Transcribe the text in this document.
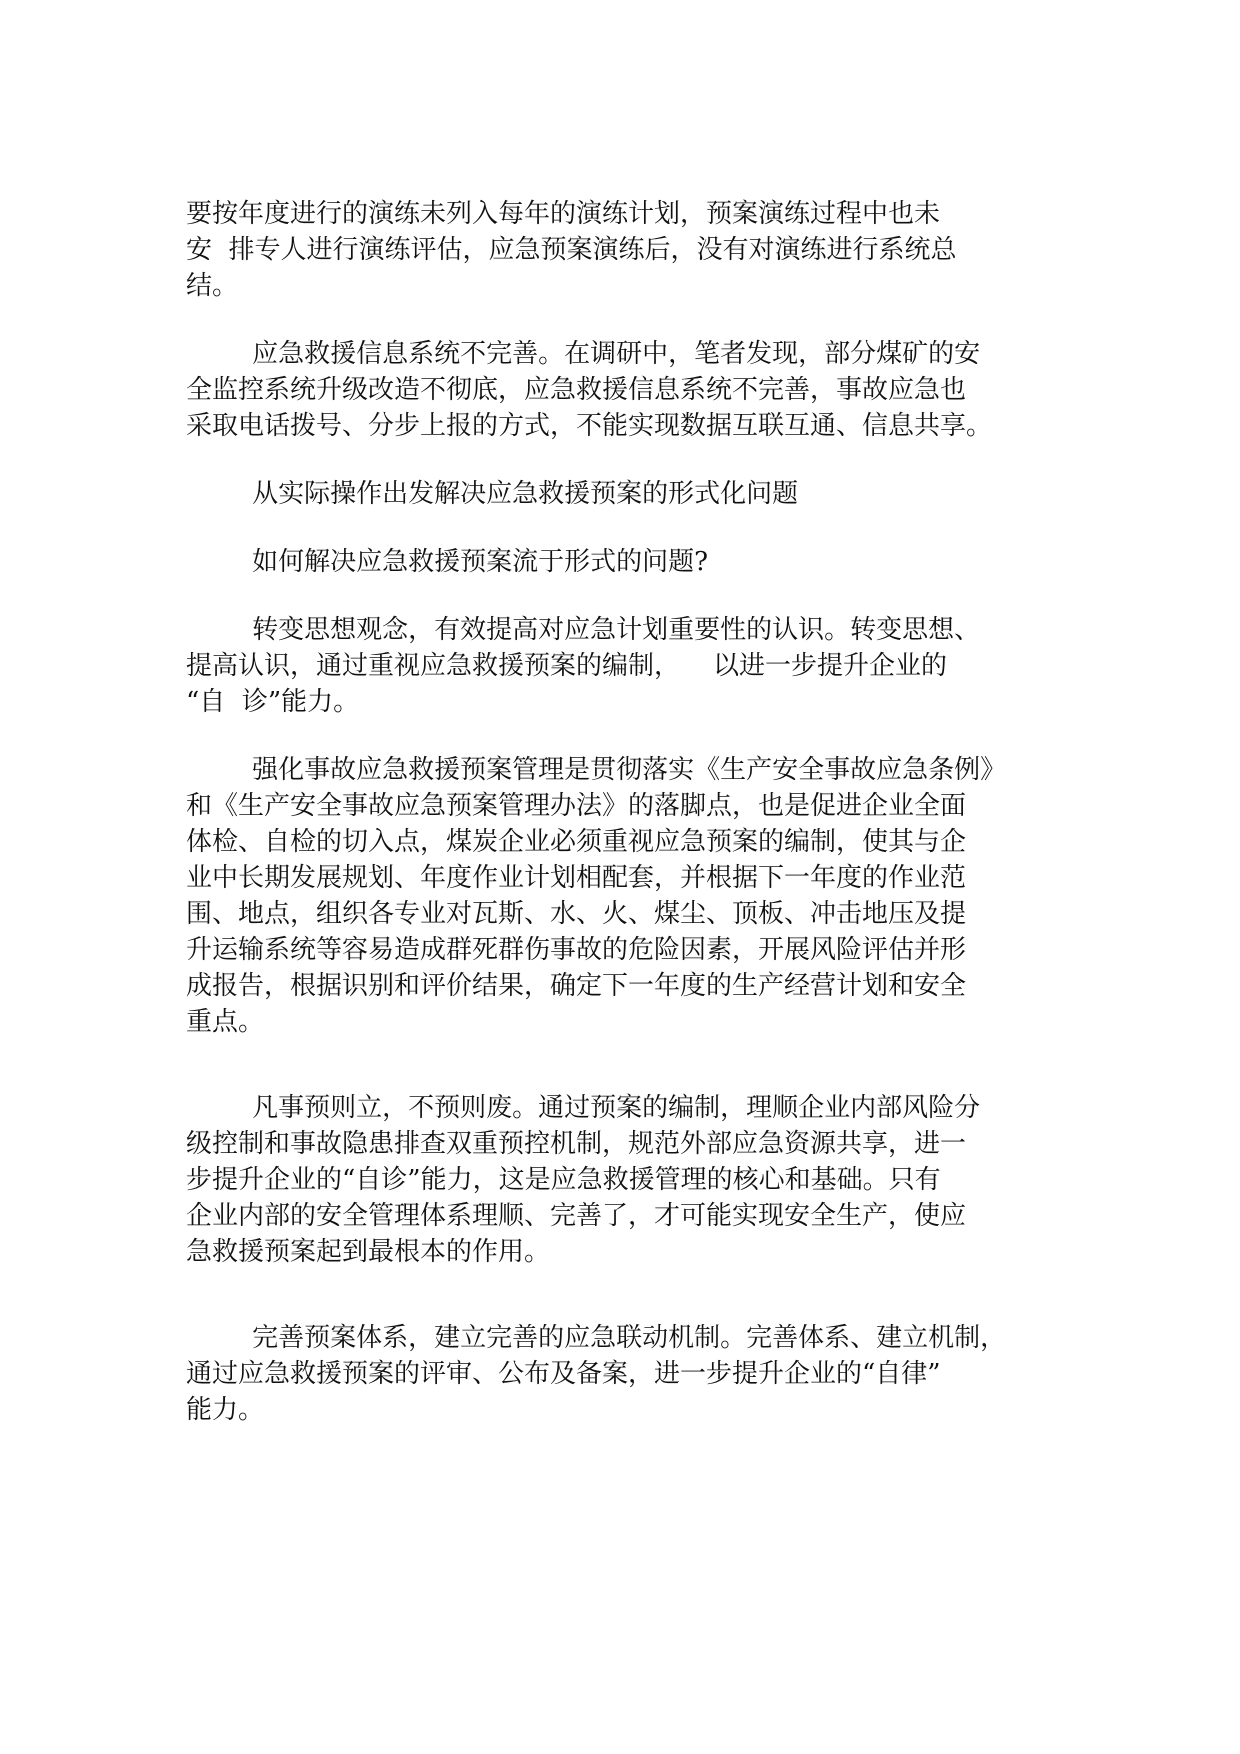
要按年度进行的演练未列入每年的演练计划，预案演练过程中也未
安  排专人进行演练评估，应急预案演练后，没有对演练进行系统总
结。
应急救援信息系统不完善。在调研中，笔者发现，部分煤矿的安
全监控系统升级改造不彻底，应急救援信息系统不完善，事故应急也
采取电话拨号、分步上报的方式，不能实现数据互联互通、信息共享。
从实际操作出发解决应急救援预案的形式化问题
如何解决应急救援预案流于形式的问题?
转变思想观念，有效提高对应急计划重要性的认识。转变思想、
提高认识，通过重视应急救援预案的编制，    以进一步提升企业的
“自  诊”能力。
强化事故应急救援预案管理是贯彻落实《生产安全事故应急条例》
和《生产安全事故应急预案管理办法》的落脚点，也是促进企业全面
体检、自检的切入点，煤炭企业必须重视应急预案的编制，使其与企
业中长期发展规划、年度作业计划相配套，并根据下一年度的作业范
围、地点，组织各专业对瓦斯、水、火、煤尘、顶板、冲击地压及提
升运输系统等容易造成群死群伤事故的危险因素，开展风险评估并形
成报告，根据识别和评价结果，确定下一年度的生产经营计划和安全
重点。
凡事预则立，不预则废。通过预案的编制，理顺企业内部风险分
级控制和事故隐患排查双重预控机制，规范外部应急资源共享，进一
步提升企业的“自诊”能力，这是应急救援管理的核心和基础。只有
企业内部的安全管理体系理顺、完善了，才可能实现安全生产，使应
急救援预案起到最根本的作用。
完善预案体系，建立完善的应急联动机制。完善体系、建立机制，
通过应急救援预案的评审、公布及备案，进一步提升企业的“自律”
能力。
